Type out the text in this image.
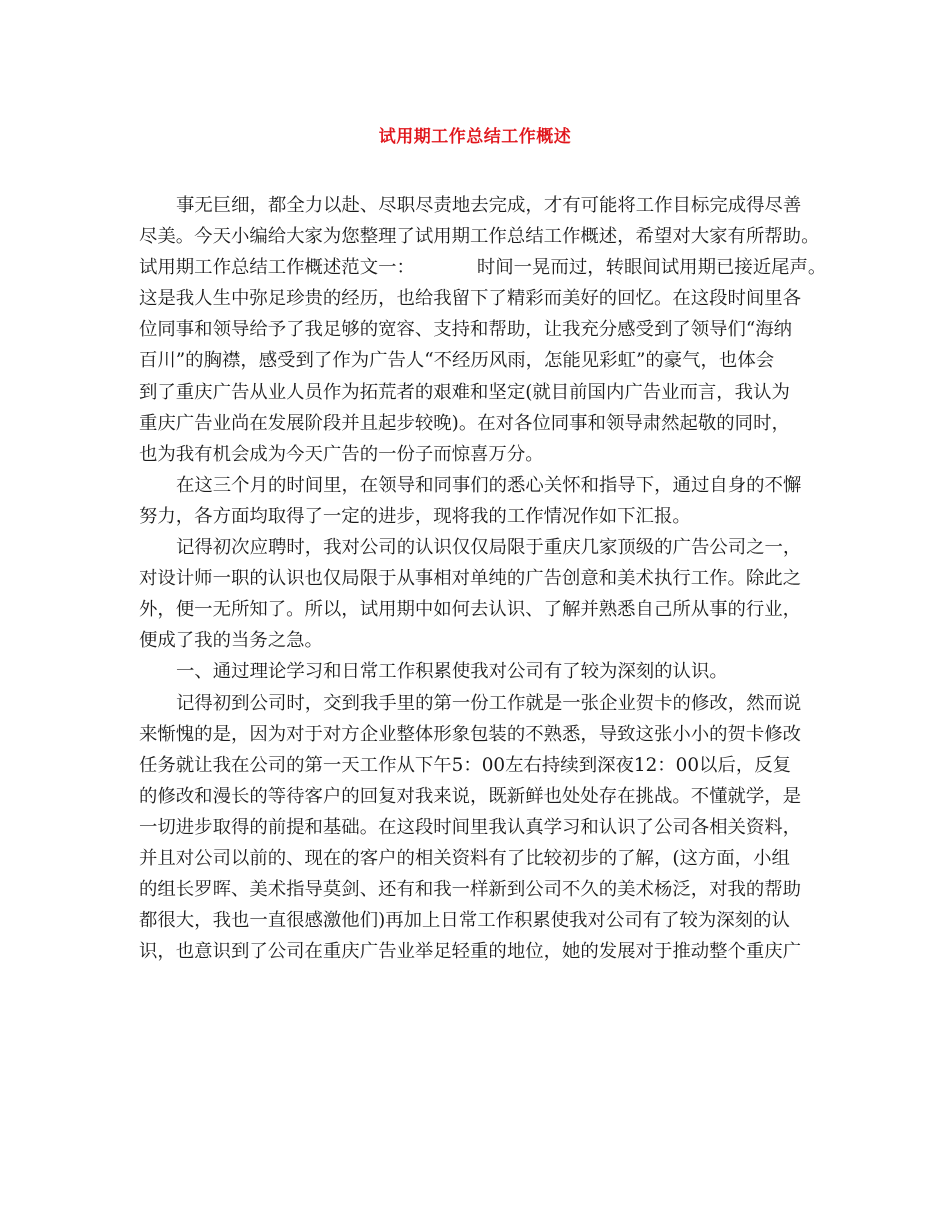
试用期工作总结工作概述
事无巨细，都全力以赴、尽职尽责地去完成，才有可能将工作目标完成得尽善
尽美。今天小编给大家为您整理了试用期工作总结工作概述，希望对大家有所帮助。
试用期工作总结工作概述范文一：	时间一晃而过，转眼间试用期已接近尾声。
这是我人生中弥足珍贵的经历，也给我留下了精彩而美好的回忆。在这段时间里各
位同事和领导给予了我足够的宽容、支持和帮助，让我充分感受到了领导们“海纳
百川”的胸襟，感受到了作为广告人“不经历风雨，怎能见彩虹”的豪气，也体会
到了重庆广告从业人员作为拓荒者的艰难和坚定(就目前国内广告业而言，我认为
重庆广告业尚在发展阶段并且起步较晚)。在对各位同事和领导肃然起敬的同时，
也为我有机会成为今天广告的一份子而惊喜万分。
在这三个月的时间里，在领导和同事们的悉心关怀和指导下，通过自身的不懈
努力，各方面均取得了一定的进步，现将我的工作情况作如下汇报。
记得初次应聘时，我对公司的认识仅仅局限于重庆几家顶级的广告公司之一，
对设计师一职的认识也仅局限于从事相对单纯的广告创意和美术执行工作。除此之
外，便一无所知了。所以，试用期中如何去认识、了解并熟悉自己所从事的行业，
便成了我的当务之急。
一、通过理论学习和日常工作积累使我对公司有了较为深刻的认识。
记得初到公司时，交到我手里的第一份工作就是一张企业贺卡的修改，然而说
来惭愧的是，因为对于对方企业整体形象包装的不熟悉，导致这张小小的贺卡修改
任务就让我在公司的第一天工作从下午5：00左右持续到深夜12：00以后，反复
的修改和漫长的等待客户的回复对我来说，既新鲜也处处存在挑战。不懂就学，是
一切进步取得的前提和基础。在这段时间里我认真学习和认识了公司各相关资料，
并且对公司以前的、现在的客户的相关资料有了比较初步的了解，(这方面，小组
的组长罗晖、美术指导莫剑、还有和我一样新到公司不久的美术杨泛，对我的帮助
都很大，我也一直很感激他们)再加上日常工作积累使我对公司有了较为深刻的认
识，也意识到了公司在重庆广告业举足轻重的地位，她的发展对于推动整个重庆广
